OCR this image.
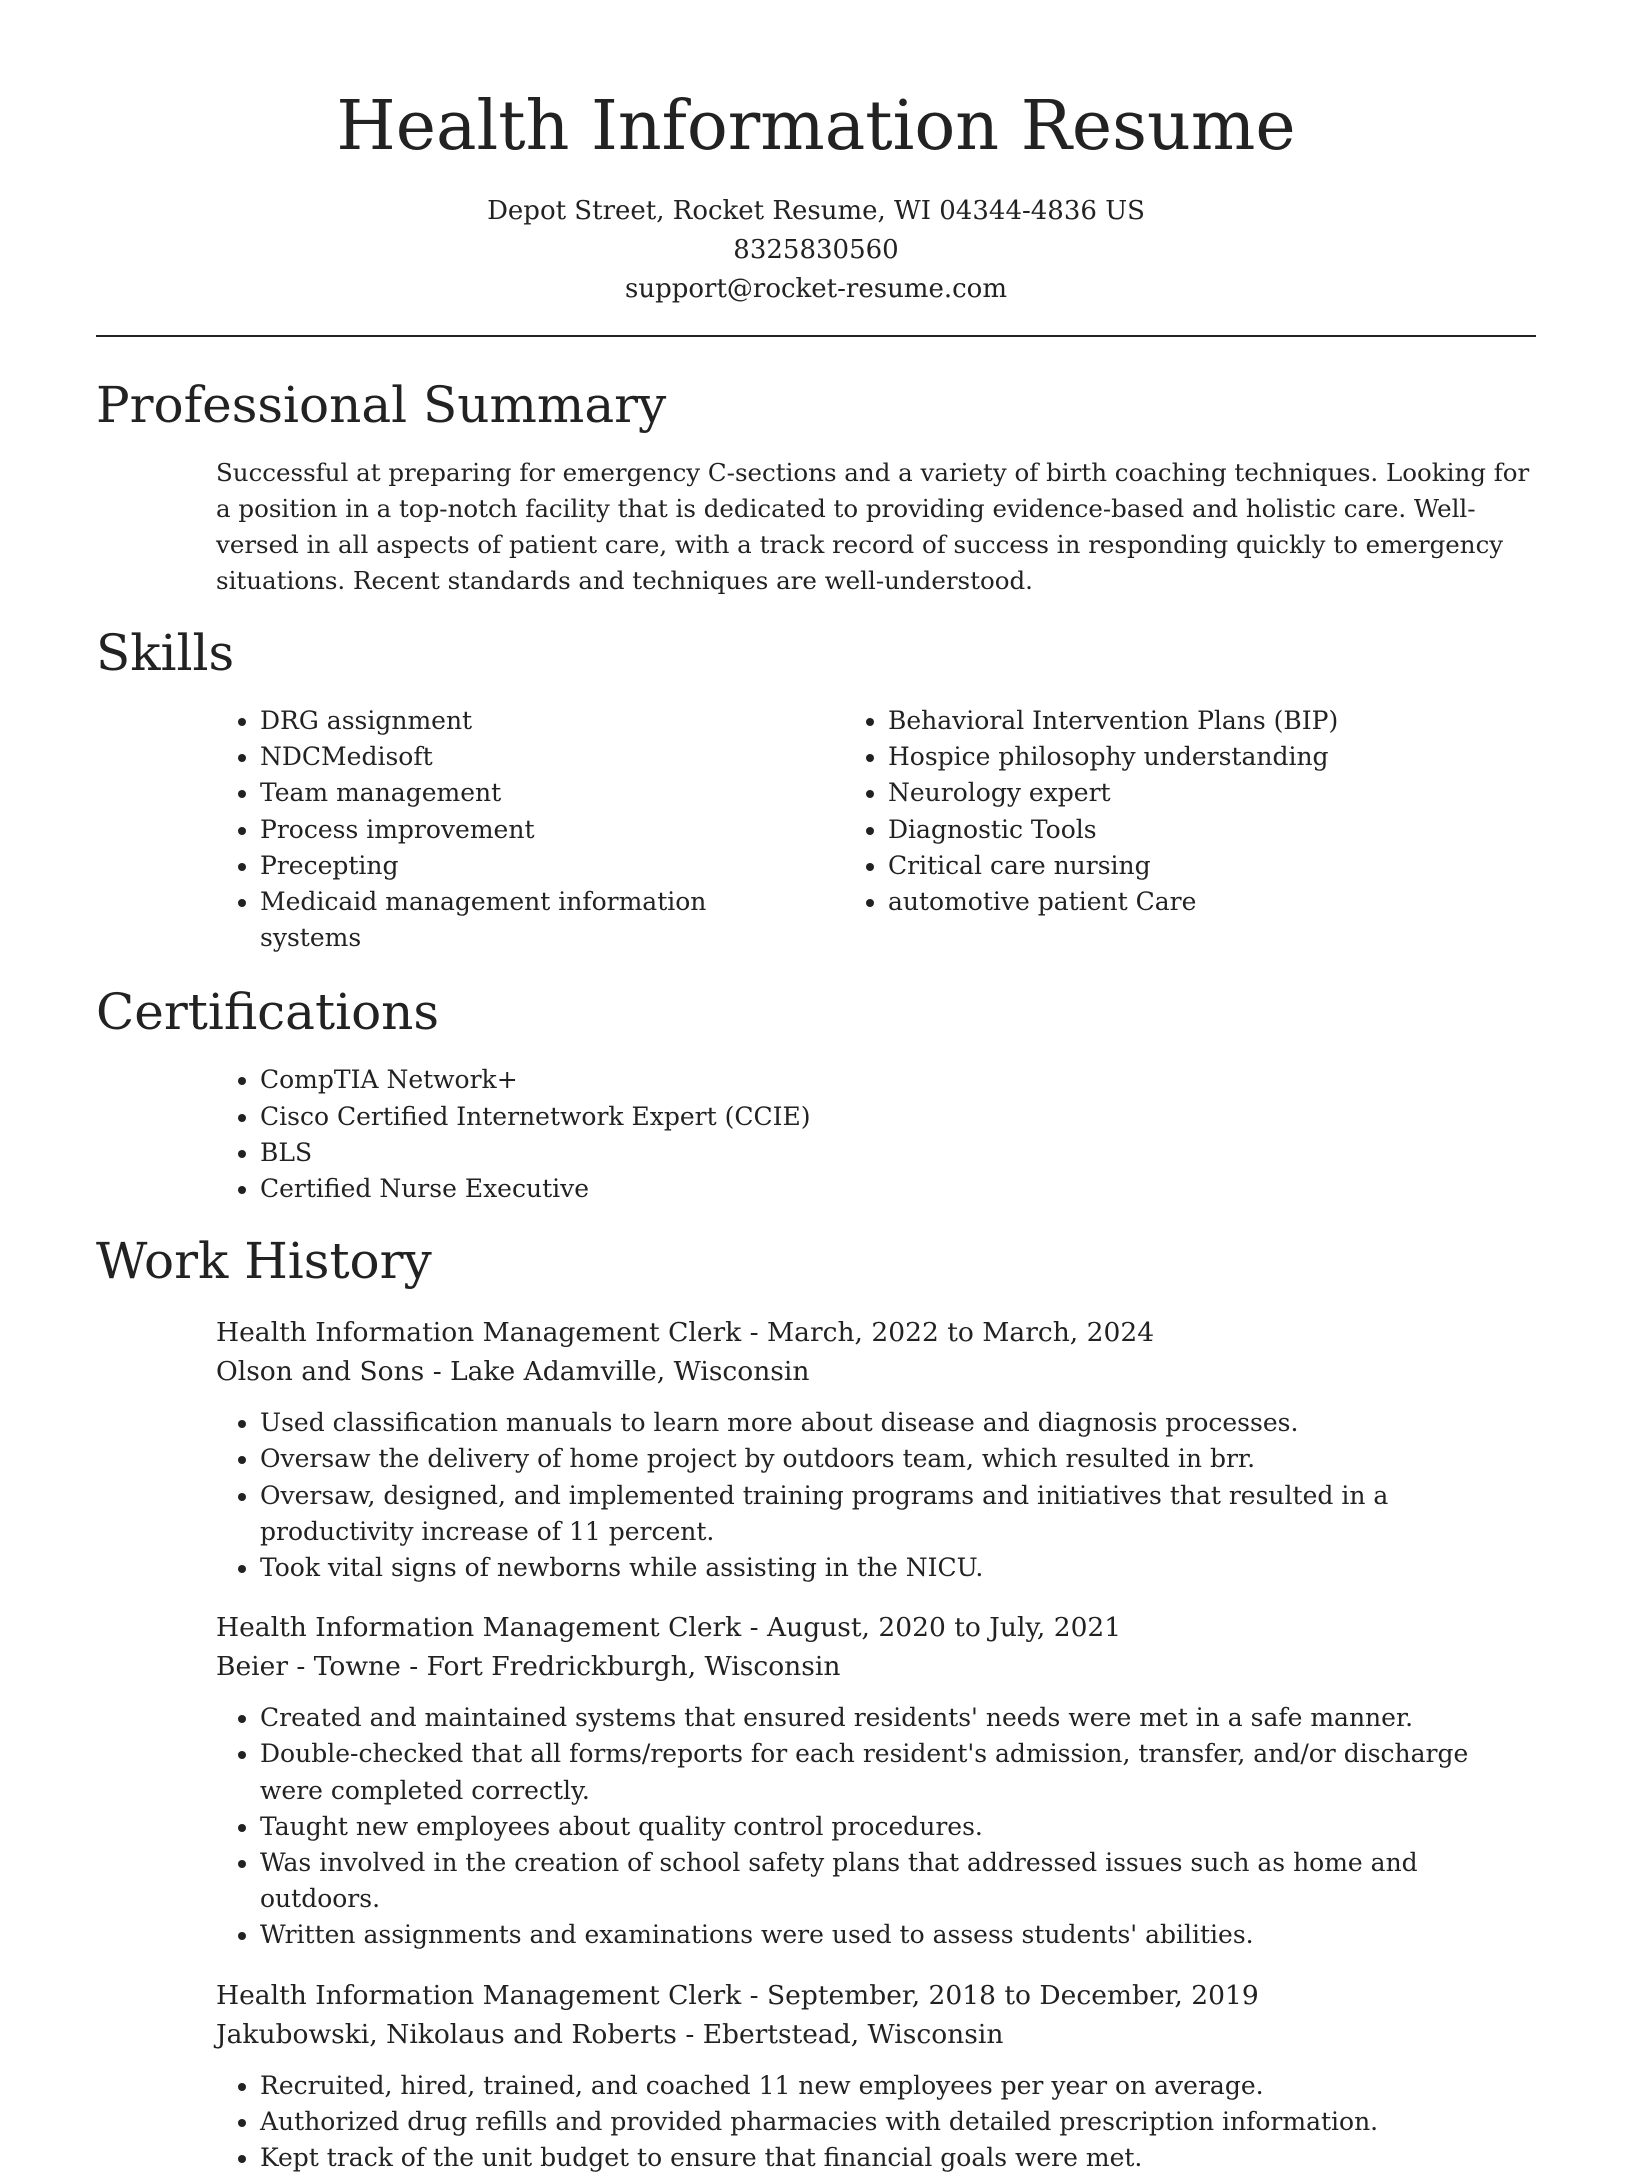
Health Information Resume
Depot Street, Rocket Resume, WI 04344-4836 US
8325830560
support@rocket-resume.com
Professional Summary

Successful at preparing for emergency C-sections and a variety of birth coaching techniques. Looking for a position in a top-notch facility that is dedicated to providing evidence-based and holistic care. Well-versed in all aspects of patient care, with a track record of success in responding quickly to emergency situations. Recent standards and techniques are well-understood.

Skills
• DRG assignment
• NDCMedisoft
• Team management
• Process improvement
• Precepting
• Medicaid management information systems
• Behavioral Intervention Plans (BIP)
• Hospice philosophy understanding
• Neurology expert
• Diagnostic Tools
• Critical care nursing
• automotive patient Care
Certifications
• CompTIA Network+
• Cisco Certified Internetwork Expert (CCIE)
• BLS
• Certified Nurse Executive
Work History
Health Information Management Clerk - March, 2022 to March, 2024
Olson and Sons - Lake Adamville, Wisconsin
• Used classification manuals to learn more about disease and diagnosis processes.
• Oversaw the delivery of home project by outdoors team, which resulted in brr.
• Oversaw, designed, and implemented training programs and initiatives that resulted in a productivity increase of 11 percent.
• Took vital signs of newborns while assisting in the NICU.
Health Information Management Clerk - August, 2020 to July, 2021
Beier - Towne - Fort Fredrickburgh, Wisconsin
• Created and maintained systems that ensured residents' needs were met in a safe manner.
• Double-checked that all forms/reports for each resident's admission, transfer, and/or discharge were completed correctly.
• Taught new employees about quality control procedures.
• Was involved in the creation of school safety plans that addressed issues such as home and outdoors.
• Written assignments and examinations were used to assess students' abilities.
Health Information Management Clerk - September, 2018 to December, 2019
Jakubowski, Nikolaus and Roberts - Ebertstead, Wisconsin
• Recruited, hired, trained, and coached 11 new employees per year on average.
• Authorized drug refills and provided pharmacies with detailed prescription information.
• Kept track of the unit budget to ensure that financial goals were met.
